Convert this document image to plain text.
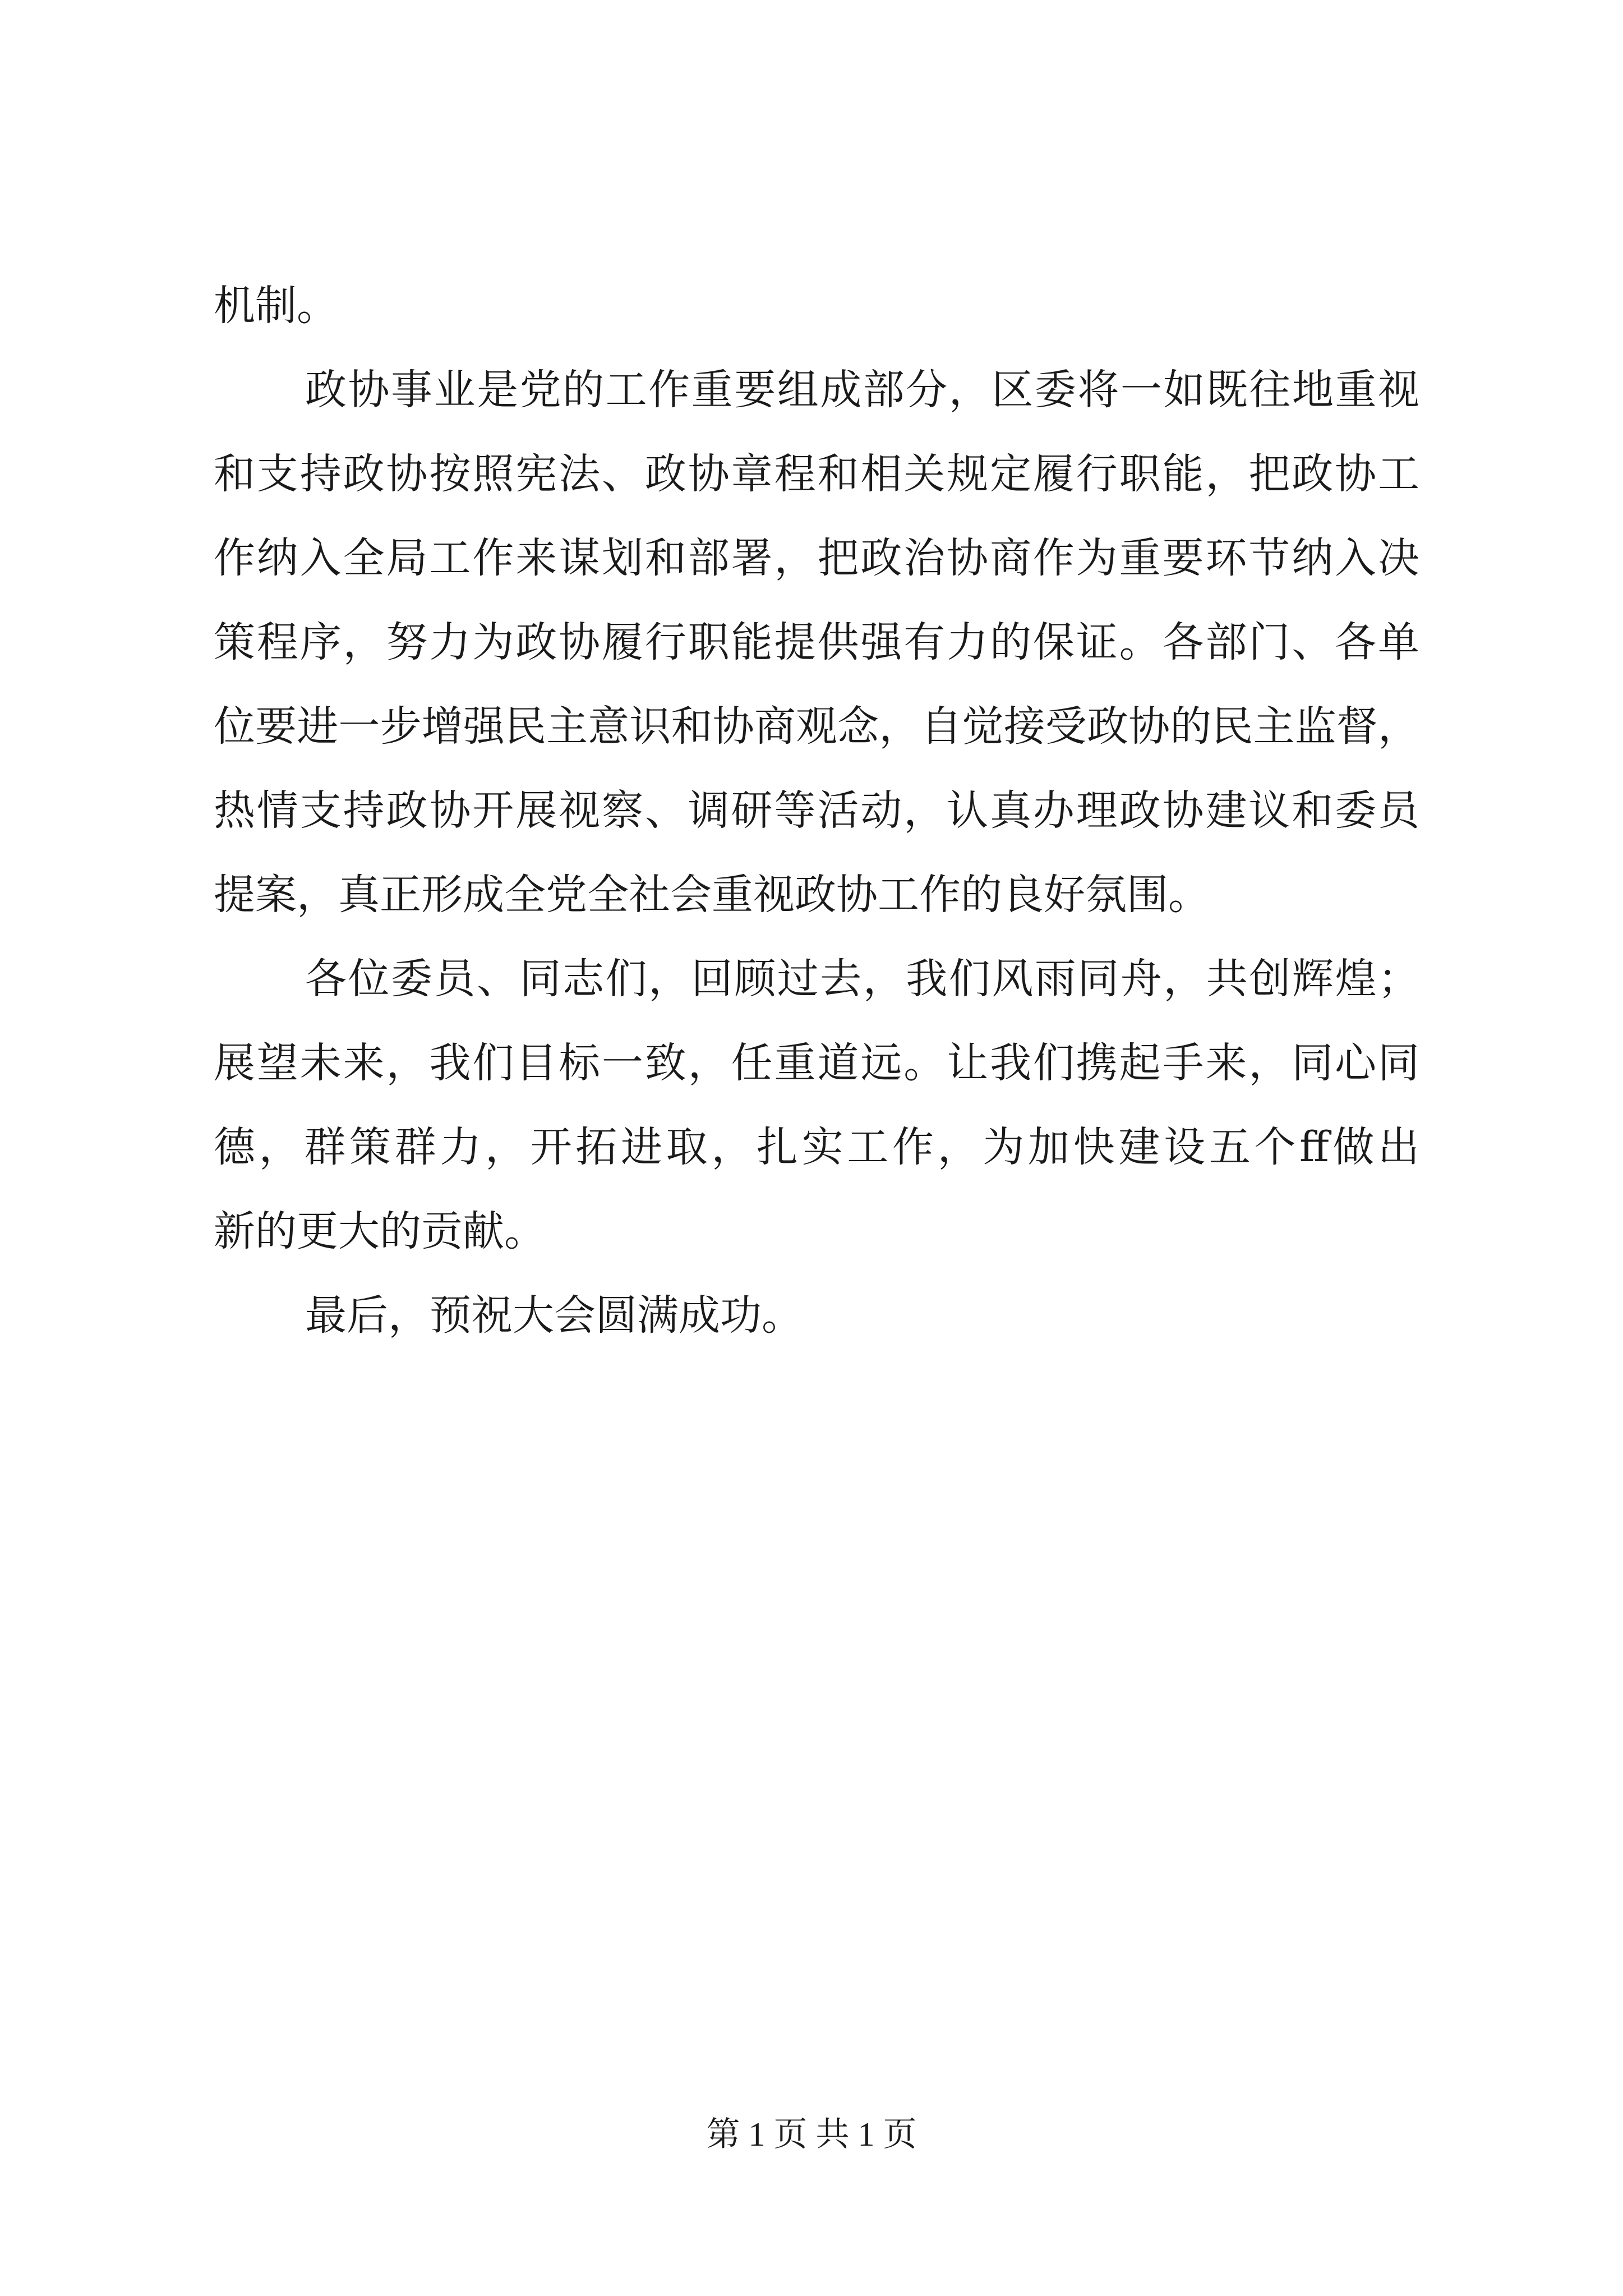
机制。
政协事业是党的工作重要组成部分，区委将一如既往地重视
和支持政协按照宪法、政协章程和相关规定履行职能，把政协工
作纳入全局工作来谋划和部署，把政治协商作为重要环节纳入决
策程序，努力为政协履行职能提供强有力的保证。各部门、各单
位要进一步增强民主意识和协商观念，自觉接受政协的民主监督，
热情支持政协开展视察、调研等活动，认真办理政协建议和委员
提案，真正形成全党全社会重视政协工作的良好氛围。
各位委员、同志们，回顾过去，我们风雨同舟，共创辉煌；
展望未来，我们目标一致，任重道远。让我们携起手来，同心同
德，群策群力，开拓进取，扎实工作，为加快建设五个ff做出
新的更大的贡献。
最后，预祝大会圆满成功。
第 1 页 共 1 页
